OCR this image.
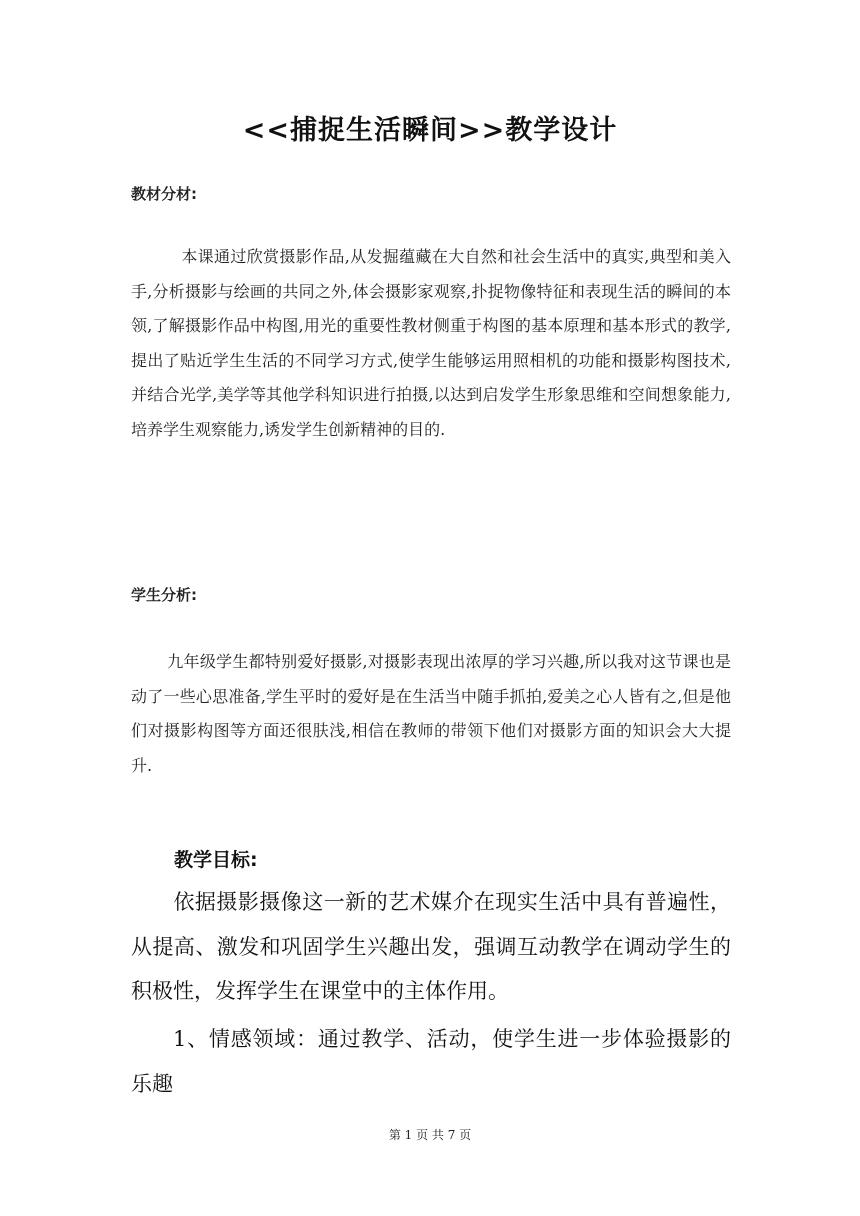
<<捕捉生活瞬间>>教学设计
教材分材:

本课通过欣赏摄影作品,从发掘蕴藏在大自然和社会生活中的真实,典型和美入手,分析摄影与绘画的共同之外,体会摄影家观察,扑捉物像特征和表现生活的瞬间的本领,了解摄影作品中构图,用光的重要性教材侧重于构图的基本原理和基本形式的教学,提出了贴近学生生活的不同学习方式,使学生能够运用照相机的功能和摄影构图技术,并结合光学,美学等其他学科知识进行拍摄,以达到启发学生形象思维和空间想象能力,培养学生观察能力,诱发学生创新精神的目的.

学生分析:

九年级学生都特别爱好摄影,对摄影表现出浓厚的学习兴趣,所以我对这节课也是动了一些心思准备,学生平时的爱好是在生活当中随手抓拍,爱美之心人皆有之,但是他们对摄影构图等方面还很肤浅,相信在教师的带领下他们对摄影方面的知识会大大提升.

教学目标:

依据摄影摄像这一新的艺术媒介在现实生活中具有普遍性，从提高、激发和巩固学生兴趣出发，强调互动教学在调动学生的积极性，发挥学生在课堂中的主体作用。

1、情感领域：通过教学、活动，使学生进一步体验摄影的乐趣

第 1 页 共 7 页
